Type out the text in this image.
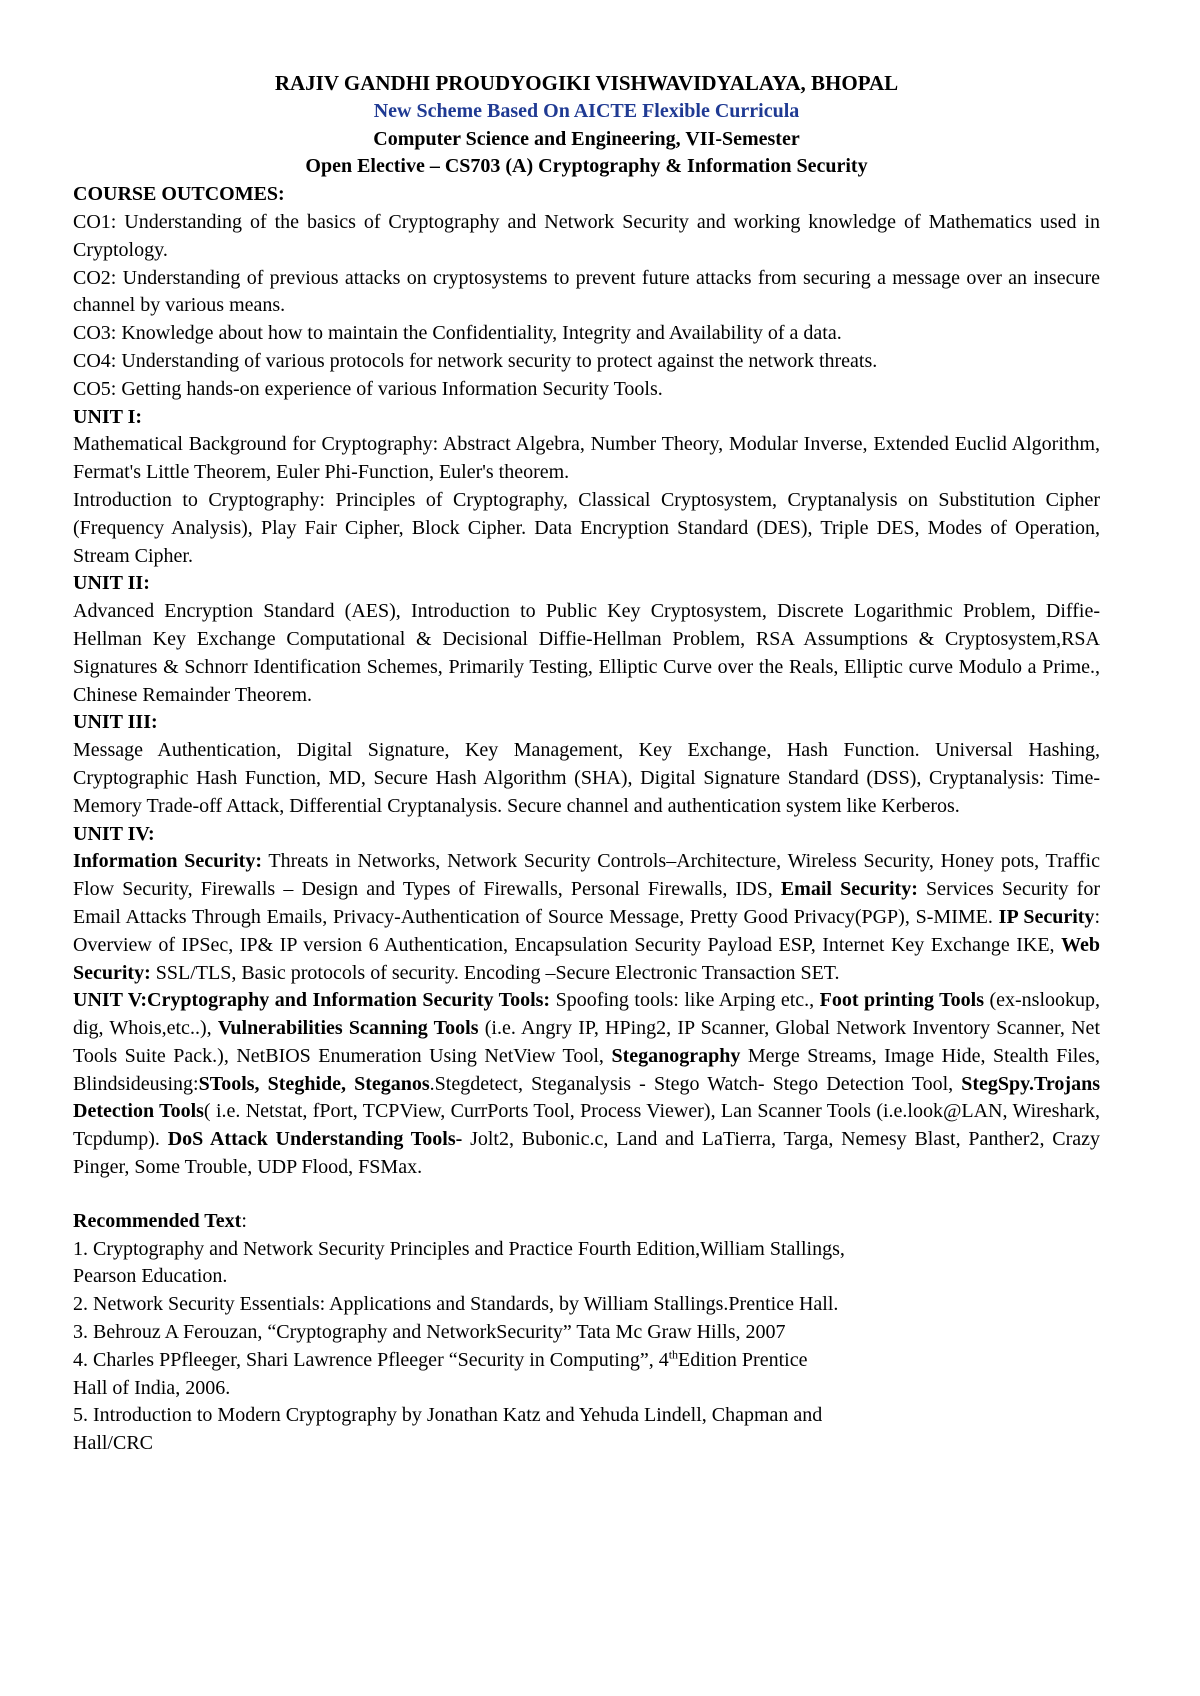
RAJIV GANDHI PROUDYOGIKI VISHWAVIDYALAYA, BHOPAL
New Scheme Based On AICTE Flexible Curricula
Computer Science and Engineering, VII-Semester
Open Elective – CS703 (A) Cryptography & Information Security
COURSE OUTCOMES:
CO1: Understanding of the basics of Cryptography and Network Security and working knowledge of Mathematics used in Cryptology.
CO2: Understanding of previous attacks on cryptosystems to prevent future attacks from securing a message over an insecure channel by various means.
CO3: Knowledge about how to maintain the Confidentiality, Integrity and Availability of a data.
CO4: Understanding of various protocols for network security to protect against the network threats.
CO5: Getting hands-on experience of various Information Security Tools.
UNIT I:
Mathematical Background for Cryptography: Abstract Algebra, Number Theory, Modular Inverse, Extended Euclid Algorithm, Fermat's Little Theorem, Euler Phi-Function, Euler's theorem.
Introduction to Cryptography: Principles of Cryptography, Classical Cryptosystem, Cryptanalysis on Substitution Cipher (Frequency Analysis), Play Fair Cipher, Block Cipher. Data Encryption Standard (DES), Triple DES, Modes of Operation, Stream Cipher.
UNIT II:
Advanced Encryption Standard (AES), Introduction to Public Key Cryptosystem, Discrete Logarithmic Problem, Diffie-Hellman Key Exchange Computational & Decisional Diffie-Hellman Problem, RSA Assumptions & Cryptosystem,RSA Signatures & Schnorr Identification Schemes, Primarily Testing, Elliptic Curve over the Reals, Elliptic curve Modulo a Prime., Chinese Remainder Theorem.
UNIT III:
Message Authentication, Digital Signature, Key Management, Key Exchange, Hash Function. Universal Hashing, Cryptographic Hash Function, MD, Secure Hash Algorithm (SHA), Digital Signature Standard (DSS), Cryptanalysis: Time-Memory Trade-off Attack, Differential Cryptanalysis. Secure channel and authentication system like Kerberos.
UNIT IV:
Information Security: Threats in Networks, Network Security Controls–Architecture, Wireless Security, Honey pots, Traffic Flow Security, Firewalls – Design and Types of Firewalls, Personal Firewalls, IDS, Email Security: Services Security for Email Attacks Through Emails, Privacy-Authentication of Source Message, Pretty Good Privacy(PGP), S-MIME. IP Security: Overview of IPSec, IP& IP version 6 Authentication, Encapsulation Security Payload ESP, Internet Key Exchange IKE, Web Security: SSL/TLS, Basic protocols of security. Encoding –Secure Electronic Transaction SET.
UNIT V:Cryptography and Information Security Tools: Spoofing tools: like Arping etc., Foot printing Tools (ex-nslookup, dig, Whois,etc..), Vulnerabilities Scanning Tools (i.e. Angry IP, HPing2, IP Scanner, Global Network Inventory Scanner, Net Tools Suite Pack.), NetBIOS Enumeration Using NetView Tool, Steganography Merge Streams, Image Hide, Stealth Files, Blindsideusing:STools, Steghide, Steganos.Stegdetect, Steganalysis - Stego Watch- Stego Detection Tool, StegSpy.Trojans Detection Tools( i.e. Netstat, fPort, TCPView, CurrPorts Tool, Process Viewer), Lan Scanner Tools (i.e.look@LAN, Wireshark, Tcpdump). DoS Attack Understanding Tools- Jolt2, Bubonic.c, Land and LaTierra, Targa, Nemesy Blast, Panther2, Crazy Pinger, Some Trouble, UDP Flood, FSMax.
Recommended Text:
1. Cryptography and Network Security Principles and Practice Fourth Edition,William Stallings,
Pearson Education.
2. Network Security Essentials: Applications and Standards, by William Stallings.Prentice Hall.
3. Behrouz A Ferouzan, “Cryptography and NetworkSecurity” Tata Mc Graw Hills, 2007
4. Charles PPfleeger, Shari Lawrence Pfleeger “Security in Computing”, 4thEdition Prentice
Hall of India, 2006.
5. Introduction to Modern Cryptography by Jonathan Katz and Yehuda Lindell, Chapman and
Hall/CRC
